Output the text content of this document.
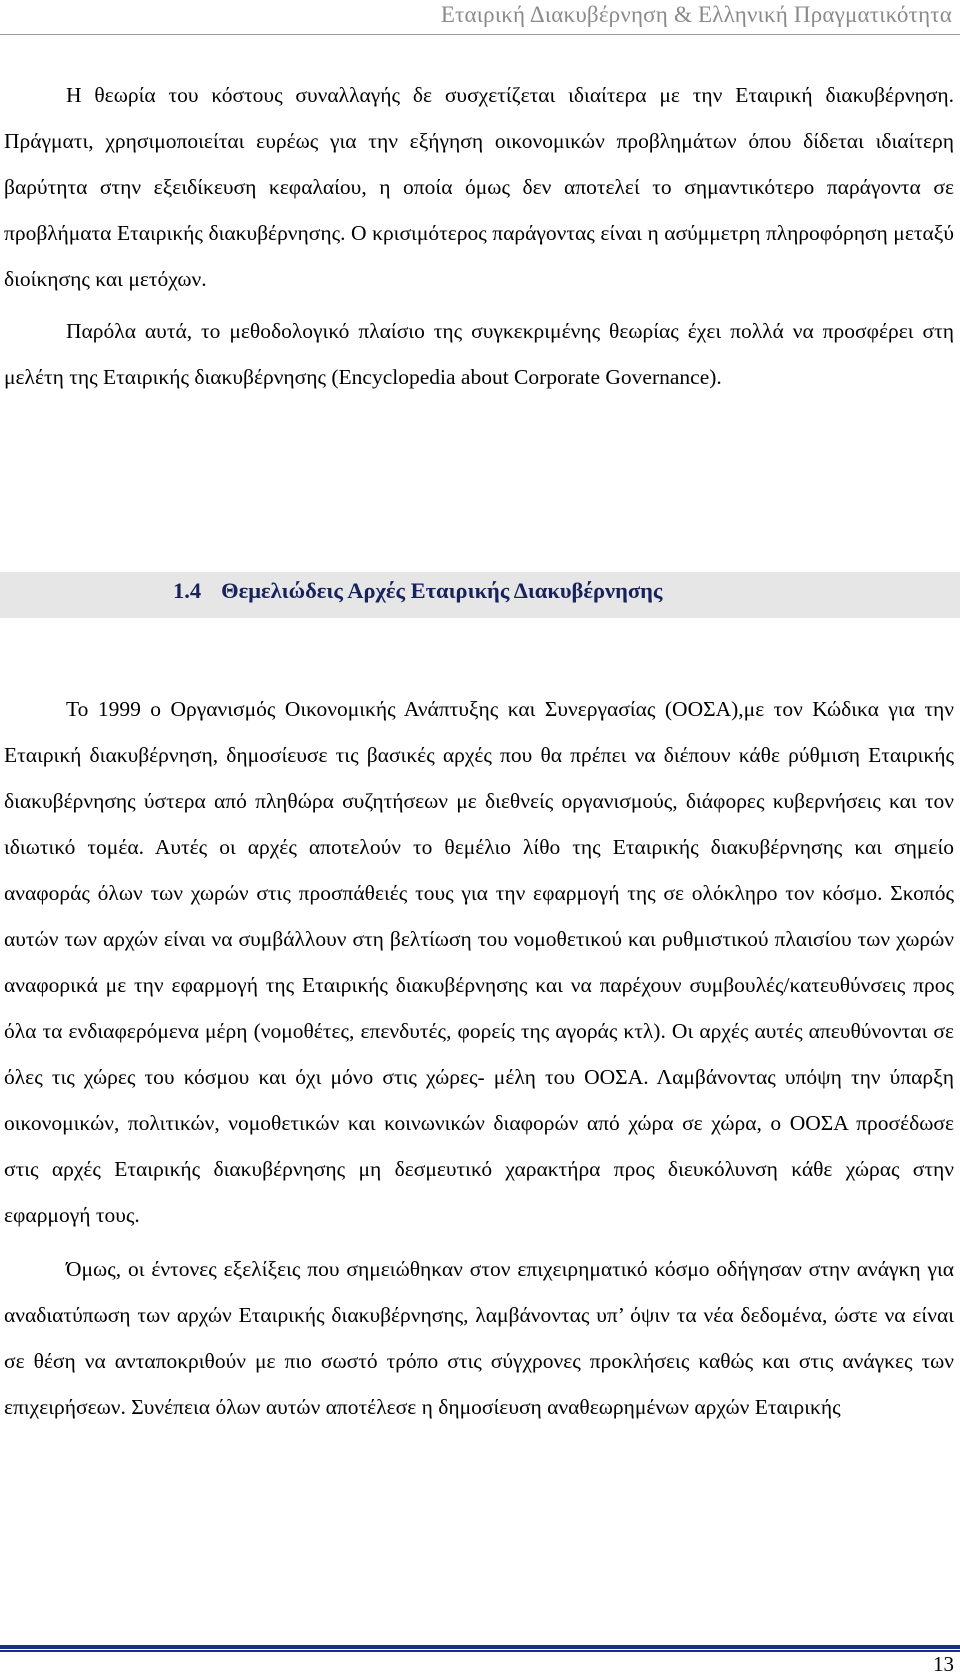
Εταιρική Διακυβέρνηση & Ελληνική Πραγματικότητα

Η θεωρία του κόστους συναλλαγής δε συσχετίζεται ιδιαίτερα με την Εταιρική διακυβέρνηση. Πράγματι, χρησιμοποιείται ευρέως για την εξήγηση οικονομικών προβλημάτων όπου δίδεται ιδιαίτερη βαρύτητα στην εξειδίκευση κεφαλαίου, η οποία όμως δεν αποτελεί το σημαντικότερο παράγοντα σε προβλήματα Εταιρικής διακυβέρνησης. Ο κρισιμότερος παράγοντας είναι η ασύμμετρη πληροφόρηση μεταξύ διοίκησης και μετόχων.

Παρόλα αυτά, το μεθοδολογικό πλαίσιο της συγκεκριμένης θεωρίας έχει πολλά να προσφέρει στη μελέτη της Εταιρικής διακυβέρνησης (Encyclopedia about Corporate Governance).

1.4 Θεμελιώδεις Αρχές Εταιρικής Διακυβέρνησης

Το 1999 ο Οργανισμός Οικονομικής Ανάπτυξης και Συνεργασίας (ΟΟΣΑ),με τον Κώδικα για την Εταιρική διακυβέρνηση, δημοσίευσε τις βασικές αρχές που θα πρέπει να διέπουν κάθε ρύθμιση Εταιρικής διακυβέρνησης ύστερα από πληθώρα συζητήσεων με διεθνείς οργανισμούς, διάφορες κυβερνήσεις και τον ιδιωτικό τομέα. Αυτές οι αρχές αποτελούν το θεμέλιο λίθο της Εταιρικής διακυβέρνησης και σημείο αναφοράς όλων των χωρών στις προσπάθειές τους για την εφαρμογή της σε ολόκληρο τον κόσμο. Σκοπός αυτών των αρχών είναι να συμβάλλουν στη βελτίωση του νομοθετικού και ρυθμιστικού πλαισίου των χωρών αναφορικά με την εφαρμογή της Εταιρικής διακυβέρνησης και να παρέχουν συμβουλές/κατευθύνσεις προς όλα τα ενδιαφερόμενα μέρη (νομοθέτες, επενδυτές, φορείς της αγοράς κτλ). Οι αρχές αυτές απευθύνονται σε όλες τις χώρες του κόσμου και όχι μόνο στις χώρες- μέλη του ΟΟΣΑ. Λαμβάνοντας υπόψη την ύπαρξη οικονομικών, πολιτικών, νομοθετικών και κοινωνικών διαφορών από χώρα σε χώρα, ο ΟΟΣΑ προσέδωσε στις αρχές Εταιρικής διακυβέρνησης μη δεσμευτικό χαρακτήρα προς διευκόλυνση κάθε χώρας στην εφαρμογή τους.

Όμως, οι έντονες εξελίξεις που σημειώθηκαν στον επιχειρηματικό κόσμο οδήγησαν στην ανάγκη για αναδιατύπωση των αρχών Εταιρικής διακυβέρνησης, λαμβάνοντας υπ’ όψιν τα νέα δεδομένα, ώστε να είναι σε θέση να ανταποκριθούν με πιο σωστό τρόπο στις σύγχρονες προκλήσεις καθώς και στις ανάγκες των επιχειρήσεων. Συνέπεια όλων αυτών αποτέλεσε η δημοσίευση αναθεωρημένων αρχών Εταιρικής

13
